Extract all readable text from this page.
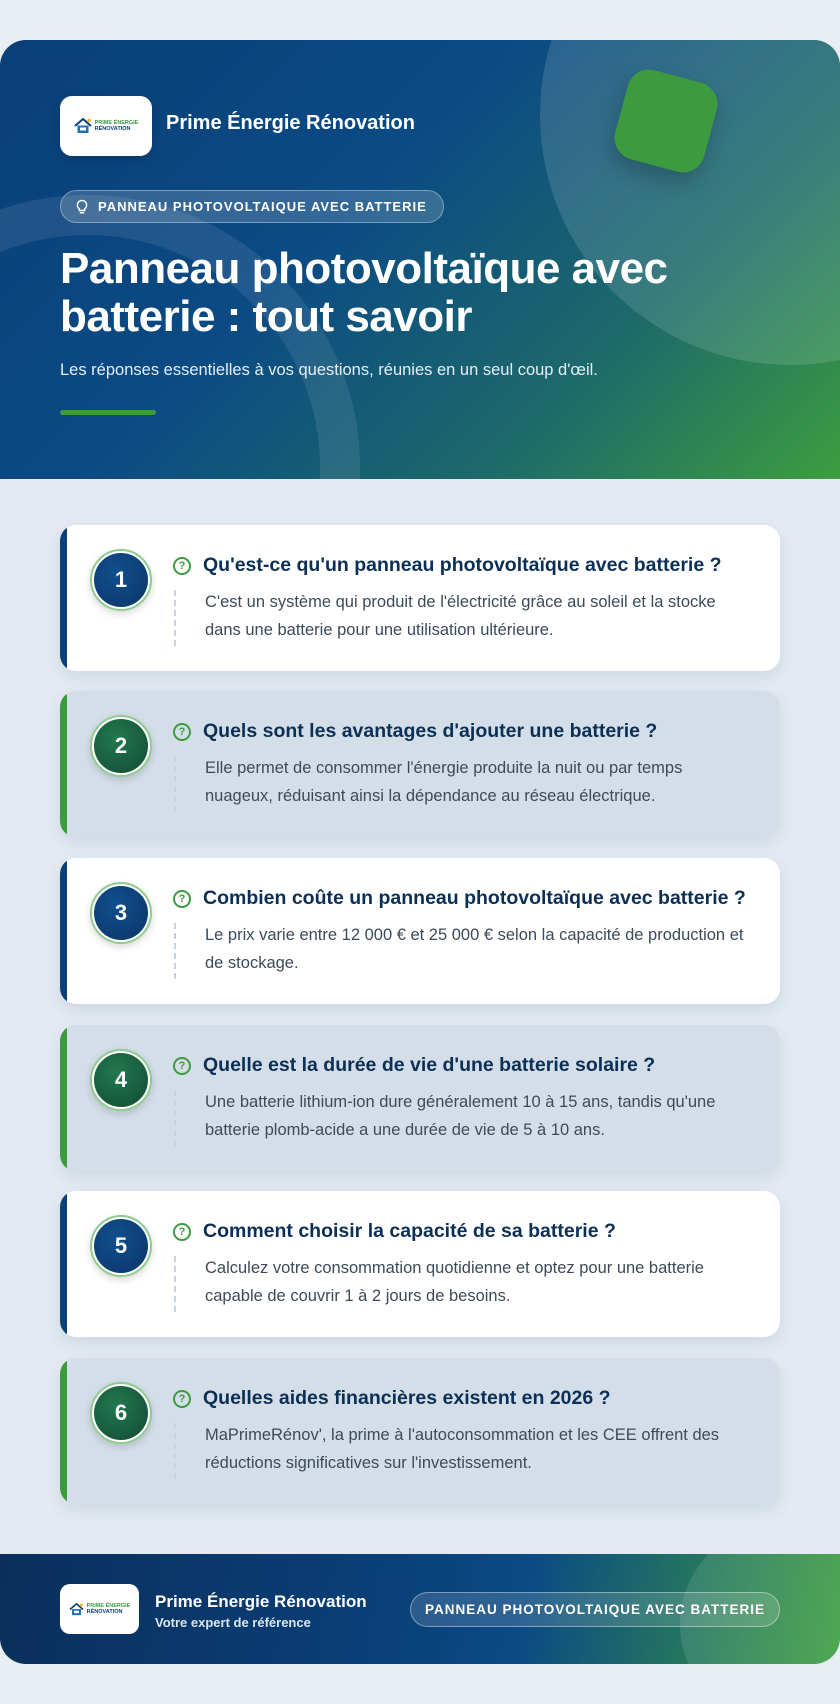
PRIME ÉNERGIE
RÉNOVATION	Prime Énergie Rénovation
PANNEAU PHOTOVOLTAIQUE AVEC BATTERIE
Panneau photovoltaïque avec batterie : tout savoir

Les réponses essentielles à vos questions, réunies en un seul coup d'œil.

1
? Qu'est-ce qu'un panneau photovoltaïque avec batterie ?

C'est un système qui produit de l'électricité grâce au soleil et la stocke dans une batterie pour une utilisation ultérieure.

2
? Quels sont les avantages d'ajouter une batterie ?

Elle permet de consommer l'énergie produite la nuit ou par temps nuageux, réduisant ainsi la dépendance au réseau électrique.

3
? Combien coûte un panneau photovoltaïque avec batterie ?

Le prix varie entre 12 000 € et 25 000 € selon la capacité de production et de stockage.

4
? Quelle est la durée de vie d'une batterie solaire ?

Une batterie lithium-ion dure généralement 10 à 15 ans, tandis qu'une batterie plomb-acide a une durée de vie de 5 à 10 ans.

5
? Comment choisir la capacité de sa batterie ?

Calculez votre consommation quotidienne et optez pour une batterie capable de couvrir 1 à 2 jours de besoins.

6
? Quelles aides financières existent en 2026 ?

MaPrimeRénov', la prime à l'autoconsommation et les CEE offrent des réductions significatives sur l'investissement.

PRIME ÉNERGIE
RÉNOVATION
Prime Énergie Rénovation
Votre expert de référence
PANNEAU PHOTOVOLTAIQUE AVEC BATTERIE
